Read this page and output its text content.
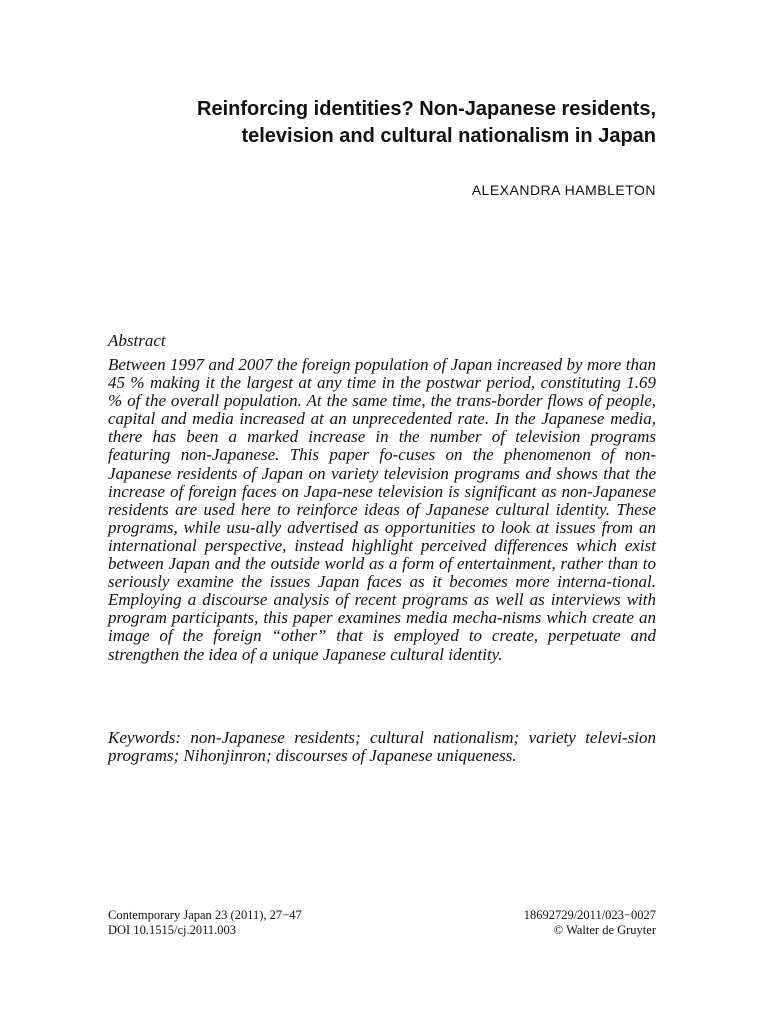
Reinforcing identities? Non-Japanese residents,
television and cultural nationalism in Japan
ALEXANDRA HAMBLETON
Abstract

Between 1997 and 2007 the foreign population of Japan increased by more than 45 % making it the largest at any time in the postwar period, constituting 1.69 % of the overall population. At the same time, the trans-border flows of people, capital and media increased at an unprecedented rate. In the Japanese media, there has been a marked increase in the number of television programs featuring non-Japanese. This paper fo-cuses on the phenomenon of non-Japanese residents of Japan on variety television programs and shows that the increase of foreign faces on Japa-nese television is significant as non-Japanese residents are used here to reinforce ideas of Japanese cultural identity. These programs, while usu-ally advertised as opportunities to look at issues from an international perspective, instead highlight perceived differences which exist between Japan and the outside world as a form of entertainment, rather than to seriously examine the issues Japan faces as it becomes more interna-tional. Employing a discourse analysis of recent programs as well as interviews with program participants, this paper examines media mecha-nisms which create an image of the foreign “other” that is employed to create, perpetuate and strengthen the idea of a unique Japanese cultural identity.

Keywords: non-Japanese residents; cultural nationalism; variety televi-sion programs; Nihonjinron; discourses of Japanese uniqueness.

Contemporary Japan 23 (2011), 27−47
DOI 10.1515/cj.2011.003
18692729/2011/023−0027
© Walter de Gruyter
